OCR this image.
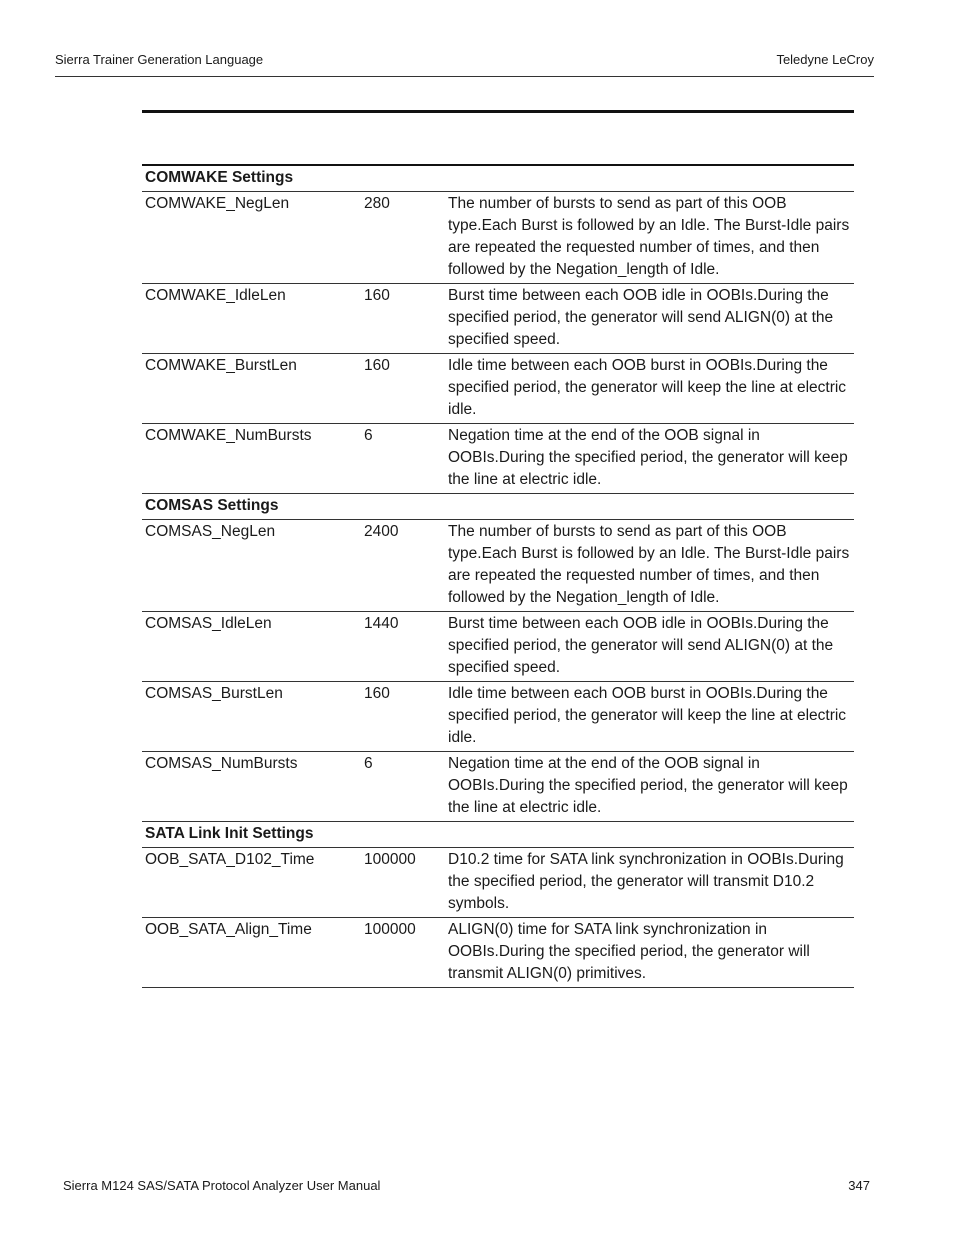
Sierra Trainer Generation Language	Teledyne LeCroy
COMWAKE Settings		
COMWAKE_NegLen	280	The number of bursts to send as part of this OOB type.Each Burst is followed by an Idle. The Burst-Idle pairs are repeated the requested number of times, and then followed by the Negation_length of Idle.
COMWAKE_IdleLen	160	Burst time between each OOB idle in OOBIs.During the specified period, the generator will send ALIGN(0) at the specified speed.
COMWAKE_BurstLen	160	Idle time between each OOB burst in OOBIs.During the specified period, the generator will keep the line at electric idle.
COMWAKE_NumBursts	6	Negation time at the end of the OOB signal in OOBIs.During the specified period, the generator will keep the line at electric idle.
COMSAS Settings		
COMSAS_NegLen	2400	The number of bursts to send as part of this OOB type.Each Burst is followed by an Idle. The Burst-Idle pairs are repeated the requested number of times, and then followed by the Negation_length of Idle.
COMSAS_IdleLen	1440	Burst time between each OOB idle in OOBIs.During the specified period, the generator will send ALIGN(0) at the specified speed.
COMSAS_BurstLen	160	Idle time between each OOB burst in OOBIs.During the specified period, the generator will keep the line at electric idle.
COMSAS_NumBursts	6	Negation time at the end of the OOB signal in OOBIs.During the specified period, the generator will keep the line at electric idle.
SATA Link Init Settings		
OOB_SATA_D102_Time	100000	D10.2 time for SATA link synchronization in OOBIs.During the specified period, the generator will transmit D10.2 symbols.
OOB_SATA_Align_Time	100000	ALIGN(0) time for SATA link synchronization in OOBIs.During the specified period, the generator will transmit ALIGN(0) primitives.
Sierra M124 SAS/SATA Protocol Analyzer User Manual	347
